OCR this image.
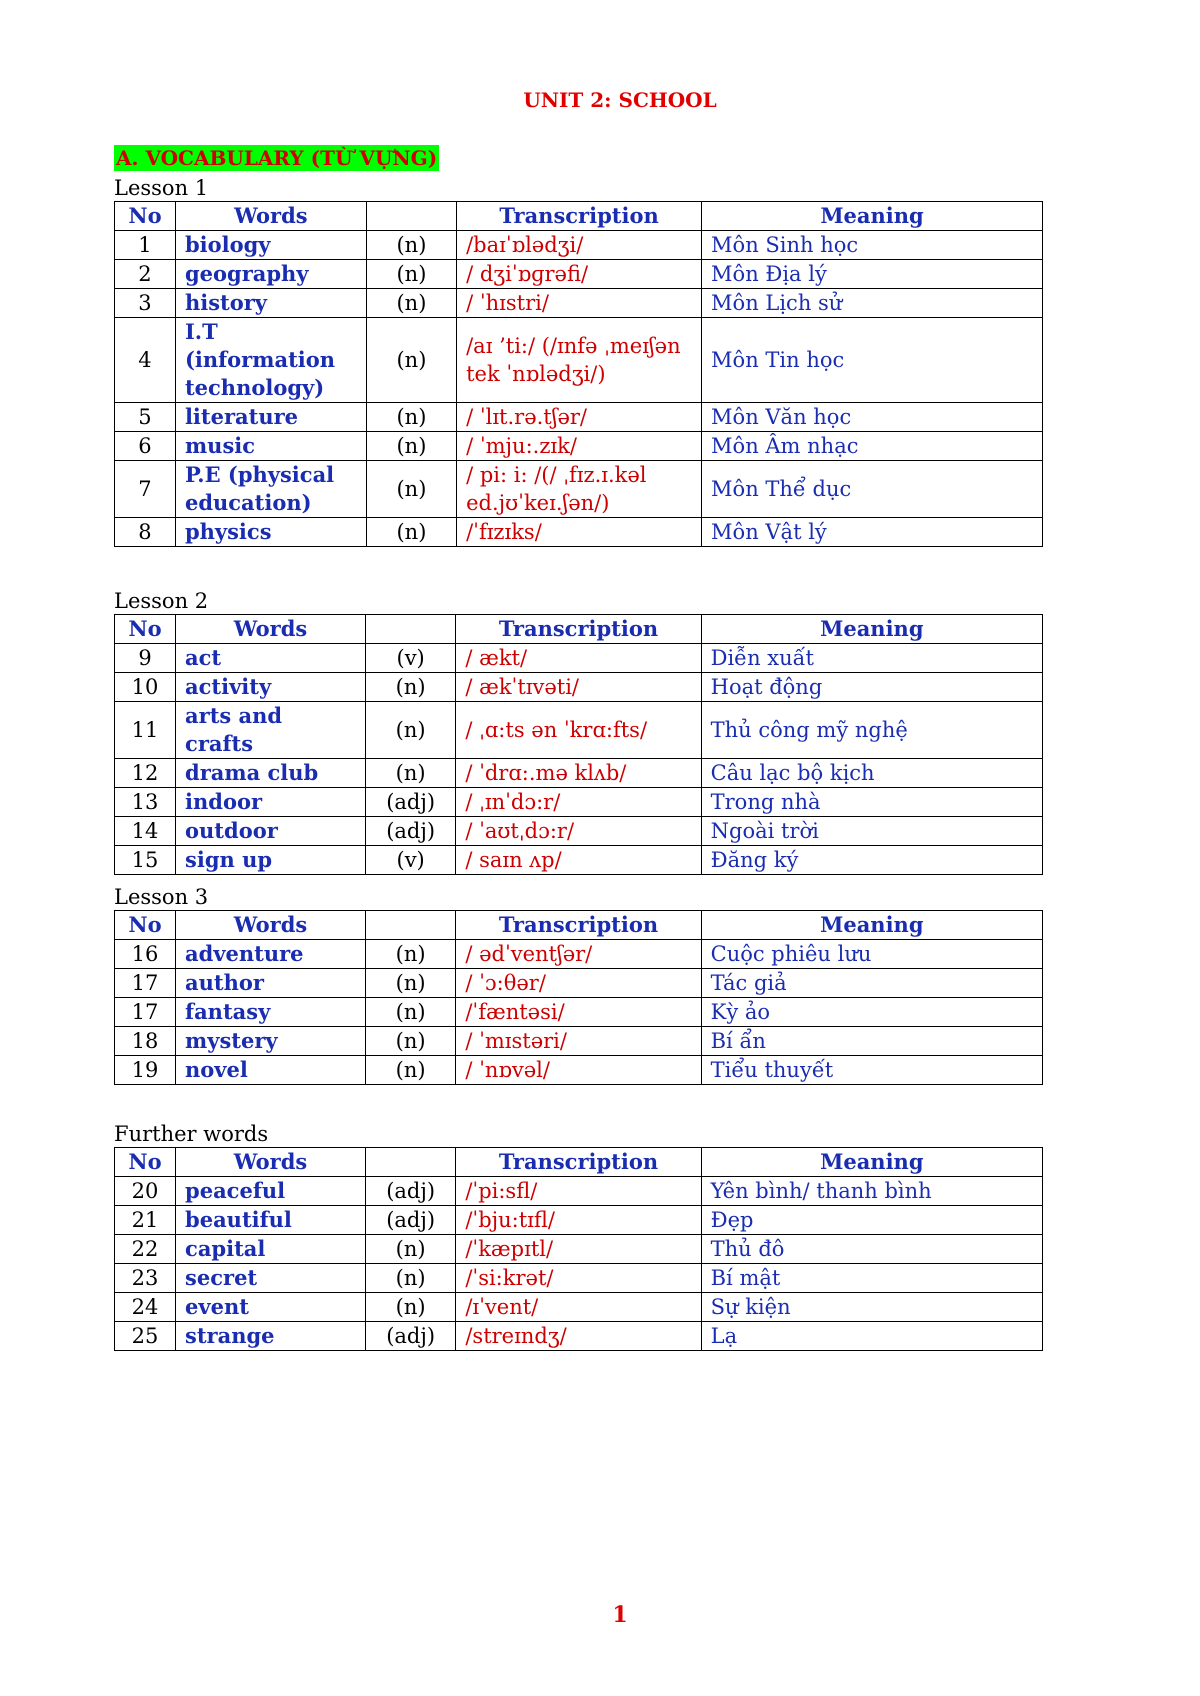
UNIT 2: SCHOOL
A. VOCABULARY (TỪ VỰNG)
Lesson 1
No	Words		Transcription	Meaning
1	biology	(n)	/baɪˈɒlədʒi/	Môn Sinh học
2	geography	(n)	/ dʒiˈɒɡrəfi/	Môn Địa lý
3	history	(n)	/ ˈhɪstri/	Môn Lịch sử
4	I.T (information technology)	(n)	/aɪ ’ti:/ (/ɪnfə ˌmeɪʃən tek ˈnɒlədʒi/)	Môn Tin học
5	literature	(n)	/ ˈlɪt.rə.tʃər/	Môn Văn học
6	music	(n)	/ ˈmju:.zɪk/	Môn Âm nhạc
7	P.E (physical education)	(n)	/ pi: i: /(/ ˌfɪz.ɪ.kəl ed.jʊˈkeɪ.ʃən/)	Môn Thể dục
8	physics	(n)	/ˈfɪzɪks/	Môn Vật lý
Lesson 2
No	Words		Transcription	Meaning
9	act	(v)	/ ækt/	Diễn xuất
10	activity	(n)	/ ækˈtɪvəti/	Hoạt động
11	arts and crafts	(n)	/ ˌɑ:ts ən ˈkrɑ:fts/	Thủ công mỹ nghệ
12	drama club	(n)	/ ˈdrɑ:.mə klʌb/	Câu lạc bộ kịch
13	indoor	(adj)	/ ˌɪnˈdɔ:r/	Trong nhà
14	outdoor	(adj)	/ ˈaʊtˌdɔ:r/	Ngoài trời
15	sign up	(v)	/ saɪn ʌp/	Đăng ký
Lesson 3
No	Words		Transcription	Meaning
16	adventure	(n)	/ ədˈventʃər/	Cuộc phiêu lưu
17	author	(n)	/ ˈɔ:θər/	Tác giả
17	fantasy	(n)	/ˈfæntəsi/	Kỳ ảo
18	mystery	(n)	/ ˈmɪstəri/	Bí ẩn
19	novel	(n)	/ ˈnɒvəl/	Tiểu thuyết
Further words
No	Words		Transcription	Meaning
20	peaceful	(adj)	/ˈpi:sfl/	Yên bình/ thanh bình
21	beautiful	(adj)	/ˈbju:tɪfl/	Đẹp
22	capital	(n)	/ˈkæpɪtl/	Thủ đô
23	secret	(n)	/ˈsi:krət/	Bí mật
24	event	(n)	/ɪˈvent/	Sự kiện
25	strange	(adj)	/streɪndʒ/	Lạ
1
